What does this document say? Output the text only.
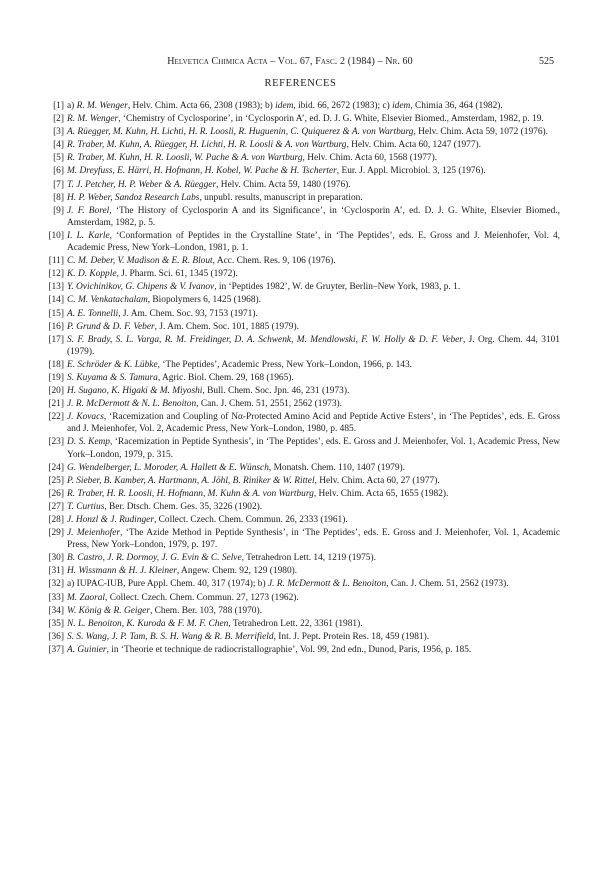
Helvetica Chimica Acta – Vol. 67, Fasc. 2 (1984) – Nr. 60	525
REFERENCES
[1] a) R. M. Wenger, Helv. Chim. Acta 66, 2308 (1983); b) idem, ibid. 66, 2672 (1983); c) idem, Chimia 36, 464 (1982).
[2] R. M. Wenger, ‘Chemistry of Cyclosporine’, in ‘Cyclosporin A’, ed. D. J. G. White, Elsevier Biomed., Amsterdam, 1982, p. 19.
[3] A. Rüegger, M. Kuhn, H. Lichti, H. R. Loosli, R. Huguenin, C. Quiquerez & A. von Wartburg, Helv. Chim. Acta 59, 1072 (1976).
[4] R. Traber, M. Kuhn, A. Rüegger, H. Lichti, H. R. Loosli & A. von Wartburg, Helv. Chim. Acta 60, 1247 (1977).
[5] R. Traber, M. Kuhn, H. R. Loosli, W. Pache & A. von Wartburg, Helv. Chim. Acta 60, 1568 (1977).
[6] M. Dreyfuss, E. Härri, H. Hofmann, H. Kobel, W. Pache & H. Tscherter, Eur. J. Appl. Microbiol. 3, 125 (1976).
[7] T. J. Petcher, H. P. Weber & A. Rüegger, Helv. Chim. Acta 59, 1480 (1976).
[8] H. P. Weber, Sandoz Research Labs, unpubl. results, manuscript in preparation.
[9] J. F. Borel, ‘The History of Cyclosporin A and its Significance’, in ‘Cyclosporin A’, ed. D. J. G. White, Elsevier Biomed., Amsterdam, 1982, p. 5.
[10] I. L. Karle, ‘Conformation of Peptides in the Crystalline State’, in ‘The Peptides’, eds. E. Gross and J. Meienhofer, Vol. 4, Academic Press, New York–London, 1981, p. 1.
[11] C. M. Deber, V. Madison & E. R. Blout, Acc. Chem. Res. 9, 106 (1976).
[12] K. D. Kopple, J. Pharm. Sci. 61, 1345 (1972).
[13] Y. Ovichinikov, G. Chipens & V. Ivanov, in ‘Peptides 1982’, W. de Gruyter, Berlin–New York, 1983, p. 1.
[14] C. M. Venkatachalam, Biopolymers 6, 1425 (1968).
[15] A. E. Tonnelli, J. Am. Chem. Soc. 93, 7153 (1971).
[16] P. Grund & D. F. Veber, J. Am. Chem. Soc. 101, 1885 (1979).
[17] S. F. Brady, S. L. Varga, R. M. Freidinger, D. A. Schwenk, M. Mendlowski, F. W. Holly & D. F. Veber, J. Org. Chem. 44, 3101 (1979).
[18] E. Schröder & K. Lübke, ‘The Peptides’, Academic Press, New York–London, 1966, p. 143.
[19] S. Kuyama & S. Tamura, Agric. Biol. Chem. 29, 168 (1965).
[20] H. Sugano, K. Higaki & M. Miyoshi, Bull. Chem. Soc. Jpn. 46, 231 (1973).
[21] J. R. McDermott & N. L. Benoiton, Can. J. Chem. 51, 2551, 2562 (1973).
[22] J. Kovacs, ‘Racemization and Coupling of Nα-Protected Amino Acid and Peptide Active Esters’, in ‘The Peptides’, eds. E. Gross and J. Meienhofer, Vol. 2, Academic Press, New York–London, 1980, p. 485.
[23] D. S. Kemp, ‘Racemization in Peptide Synthesis’, in ‘The Peptides’, eds. E. Gross and J. Meienhofer, Vol. 1, Academic Press, New York–London, 1979, p. 315.
[24] G. Wendelberger, L. Moroder, A. Hallett & E. Wünsch, Monatsh. Chem. 110, 1407 (1979).
[25] P. Sieber, B. Kamber, A. Hartmann, A. Jöhl, B. Riniker & W. Rittel, Helv. Chim. Acta 60, 27 (1977).
[26] R. Traber, H. R. Loosli, H. Hofmann, M. Kuhn & A. von Wartburg, Helv. Chim. Acta 65, 1655 (1982).
[27] T. Curtius, Ber. Dtsch. Chem. Ges. 35, 3226 (1902).
[28] J. Honzl & J. Rudinger, Collect. Czech. Chem. Commun. 26, 2333 (1961).
[29] J. Meienhofer, ‘The Azide Method in Peptide Synthesis’, in ‘The Peptides’, eds. E. Gross and J. Meienhofer, Vol. 1, Academic Press, New York–London, 1979, p. 197.
[30] B. Castro, J. R. Dormoy, J. G. Evin & C. Selve, Tetrahedron Lett. 14, 1219 (1975).
[31] H. Wissmann & H. J. Kleiner, Angew. Chem. 92, 129 (1980).
[32] a) IUPAC-IUB, Pure Appl. Chem. 40, 317 (1974); b) J. R. McDermott & L. Benoiton, Can. J. Chem. 51, 2562 (1973).
[33] M. Zaoral, Collect. Czech. Chem. Commun. 27, 1273 (1962).
[34] W. König & R. Geiger, Chem. Ber. 103, 788 (1970).
[35] N. L. Benoiton, K. Kuroda & F. M. F. Chen, Tetrahedron Lett. 22, 3361 (1981).
[36] S. S. Wang, J. P. Tam, B. S. H. Wang & R. B. Merrifield, Int. J. Pept. Protein Res. 18, 459 (1981).
[37] A. Guinier, in ‘Theorie et technique de radiocristallographie’, Vol. 99, 2nd edn., Dunod, Paris, 1956, p. 185.
